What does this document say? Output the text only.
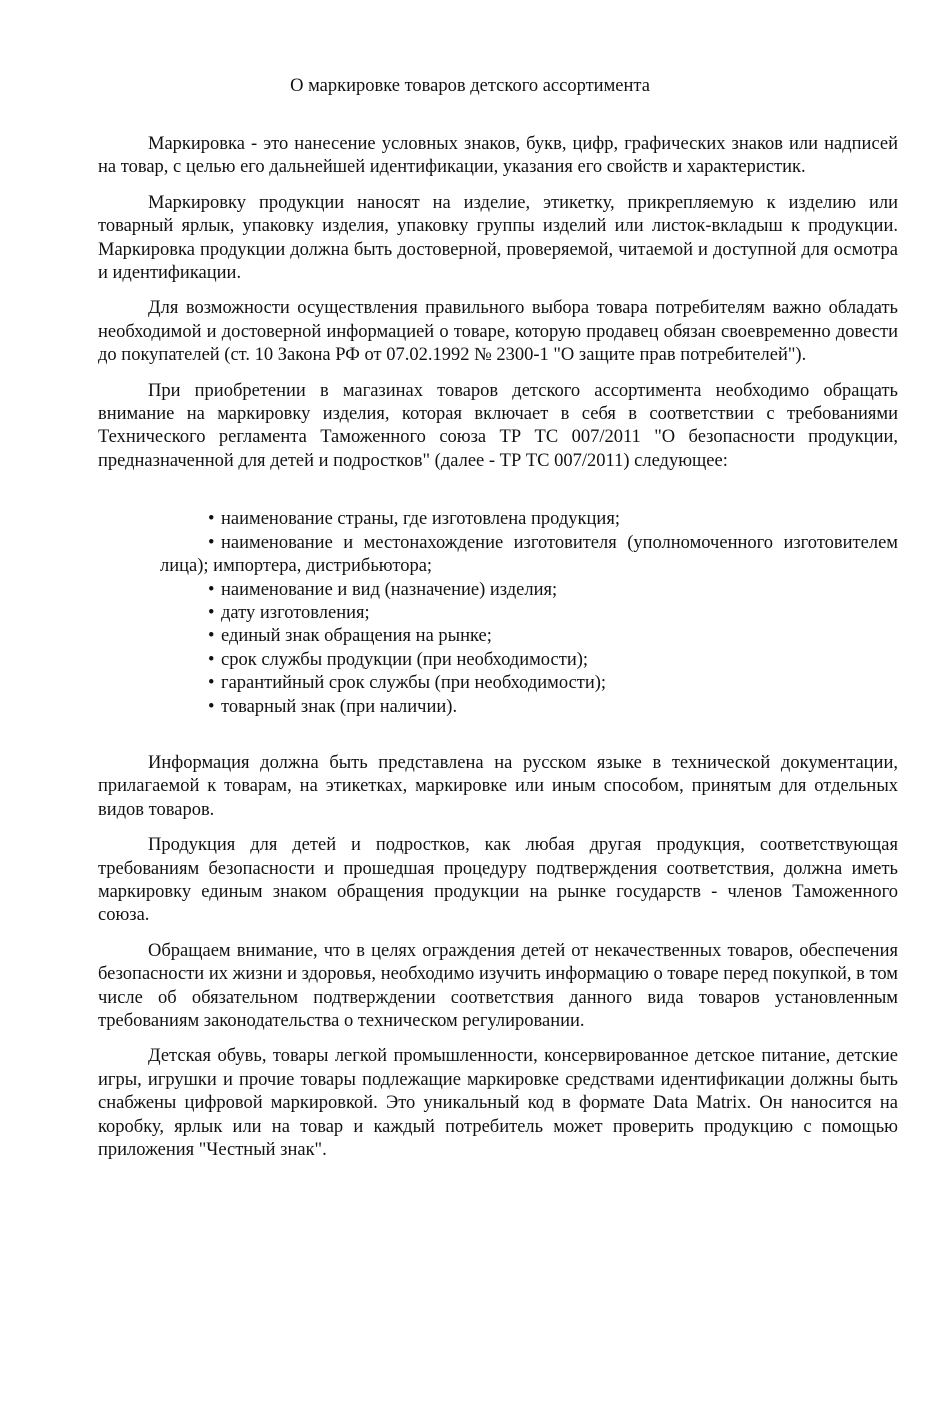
О маркировке товаров детского ассортимента

Маркировка - это нанесение условных знаков, букв, цифр, графических знаков или надписей на товар, с целью его дальнейшей идентификации, указания его свойств и характеристик.

Маркировку продукции наносят на изделие, этикетку, прикрепляемую к изделию или товарный ярлык, упаковку изделия, упаковку группы изделий или листок-вкладыш к продукции. Маркировка продукции должна быть достоверной, проверяемой, читаемой и доступной для осмотра и идентификации.

Для возможности осуществления правильного выбора товара потребителям важно обладать необходимой и достоверной информацией о товаре, которую продавец обязан своевременно довести до покупателей (ст. 10 Закона РФ от 07.02.1992 № 2300-1 "О защите прав потребителей").

При приобретении в магазинах товаров детского ассортимента необходимо обращать внимание на маркировку изделия, которая включает в себя в соответствии с требованиями Технического регламента Таможенного союза ТР ТС 007/2011 "О безопасности продукции, предназначенной для детей и подростков" (далее - ТР ТС 007/2011) следующее:

• наименование страны, где изготовлена продукция;
• наименование и местонахождение изготовителя (уполномоченного изготовителем лица); импортера, дистрибьютора;
• наименование и вид (назначение) изделия;
• дату изготовления;
• единый знак обращения на рынке;
• срок службы продукции (при необходимости);
• гарантийный срок службы (при необходимости);
• товарный знак (при наличии).

Информация должна быть представлена на русском языке в технической документации, прилагаемой к товарам, на этикетках, маркировке или иным способом, принятым для отдельных видов товаров.

Продукция для детей и подростков, как любая другая продукция, соответствующая требованиям безопасности и прошедшая процедуру подтверждения соответствия, должна иметь маркировку единым знаком обращения продукции на рынке государств - членов Таможенного союза.

Обращаем внимание, что в целях ограждения детей от некачественных товаров, обеспечения безопасности их жизни и здоровья, необходимо изучить информацию о товаре перед покупкой, в том числе об обязательном подтверждении соответствия данного вида товаров установленным требованиям законодательства о техническом регулировании.

Детская обувь, товары легкой промышленности, консервированное детское питание, детские игры, игрушки и прочие товары подлежащие маркировке средствами идентификации должны быть снабжены цифровой маркировкой. Это уникальный код в формате Data Matrix. Он наносится на коробку, ярлык или на товар и каждый потребитель может проверить продукцию с помощью приложения "Честный знак".
